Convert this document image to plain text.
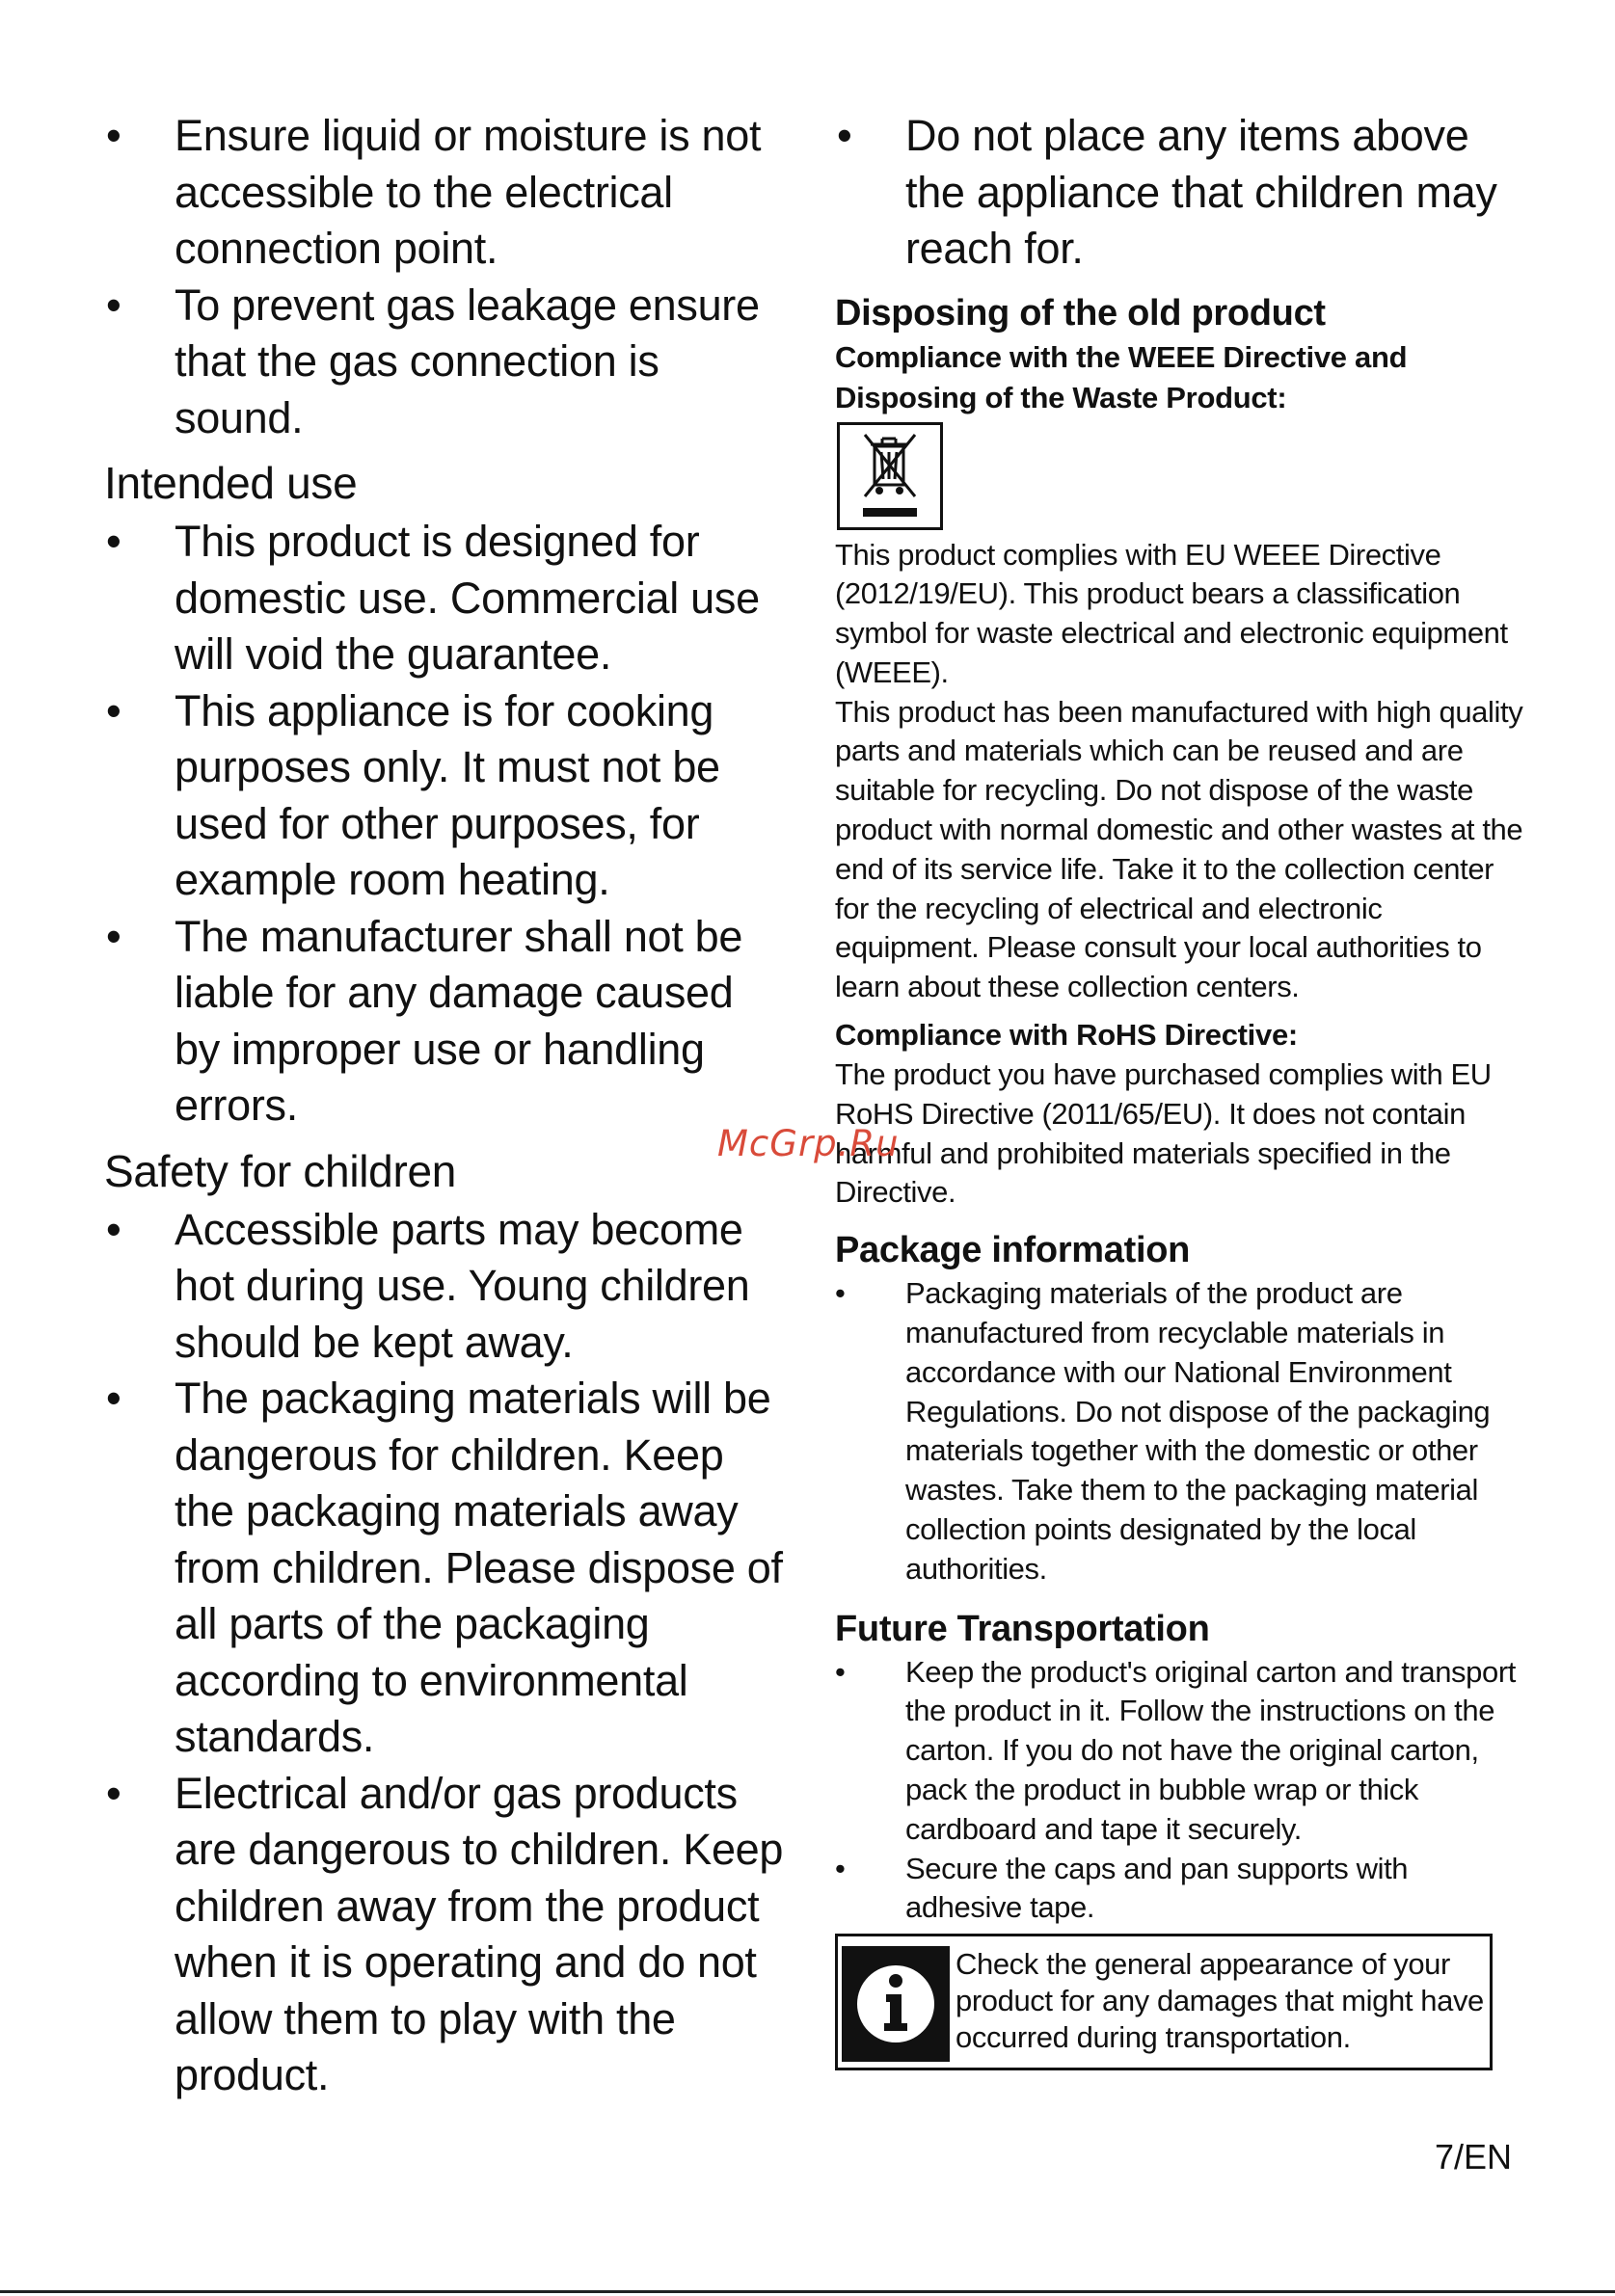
• Ensure liquid or moisture is not accessible to the electrical connection point.

• To prevent gas leakage ensure that the gas connection is sound.

Intended use

• This product is designed for domestic use. Commercial use will void the guarantee.

• This appliance is for cooking purposes only. It must not be used for other purposes, for example room heating.

• The manufacturer shall not be liable for any damage caused by improper use or handling errors.

Safety for children

• Accessible parts may become hot during use. Young children should be kept away.

• The packaging materials will be dangerous for children. Keep the packaging materials away from children. Please dispose of all parts of the packaging according to environmental standards.

• Electrical and/or gas products are dangerous to children. Keep children away from the product when it is operating and do not allow them to play with the product.

• Do not place any items above the appliance that children may reach for.

Disposing of the old product
Compliance with the WEEE Directive and Disposing of the Waste Product:

This product complies with EU WEEE Directive (2012/19/EU). This product bears a classification symbol for waste electrical and electronic equipment (WEEE).

This product has been manufactured with high quality parts and materials which can be reused and are suitable for recycling. Do not dispose of the waste product with normal domestic and other wastes at the end of its service life. Take it to the collection center for the recycling of electrical and electronic equipment. Please consult your local authorities to learn about these collection centers.

Compliance with RoHS Directive:

The product you have purchased complies with EU RoHS Directive (2011/65/EU). It does not contain harmful and prohibited materials specified in the Directive.

Package information

• Packaging materials of the product are manufactured from recyclable materials in accordance with our National Environment Regulations. Do not dispose of the packaging materials together with the domestic or other wastes. Take them to the packaging material collection points designated by the local authorities.

Future Transportation

• Keep the product's original carton and transport the product in it. Follow the instructions on the carton. If you do not have the original carton, pack the product in bubble wrap or thick cardboard and tape it securely.

• Secure the caps and pan supports with adhesive tape.

Check the general appearance of your product for any damages that might have occurred during transportation.
McGrp.Ru
7/EN
